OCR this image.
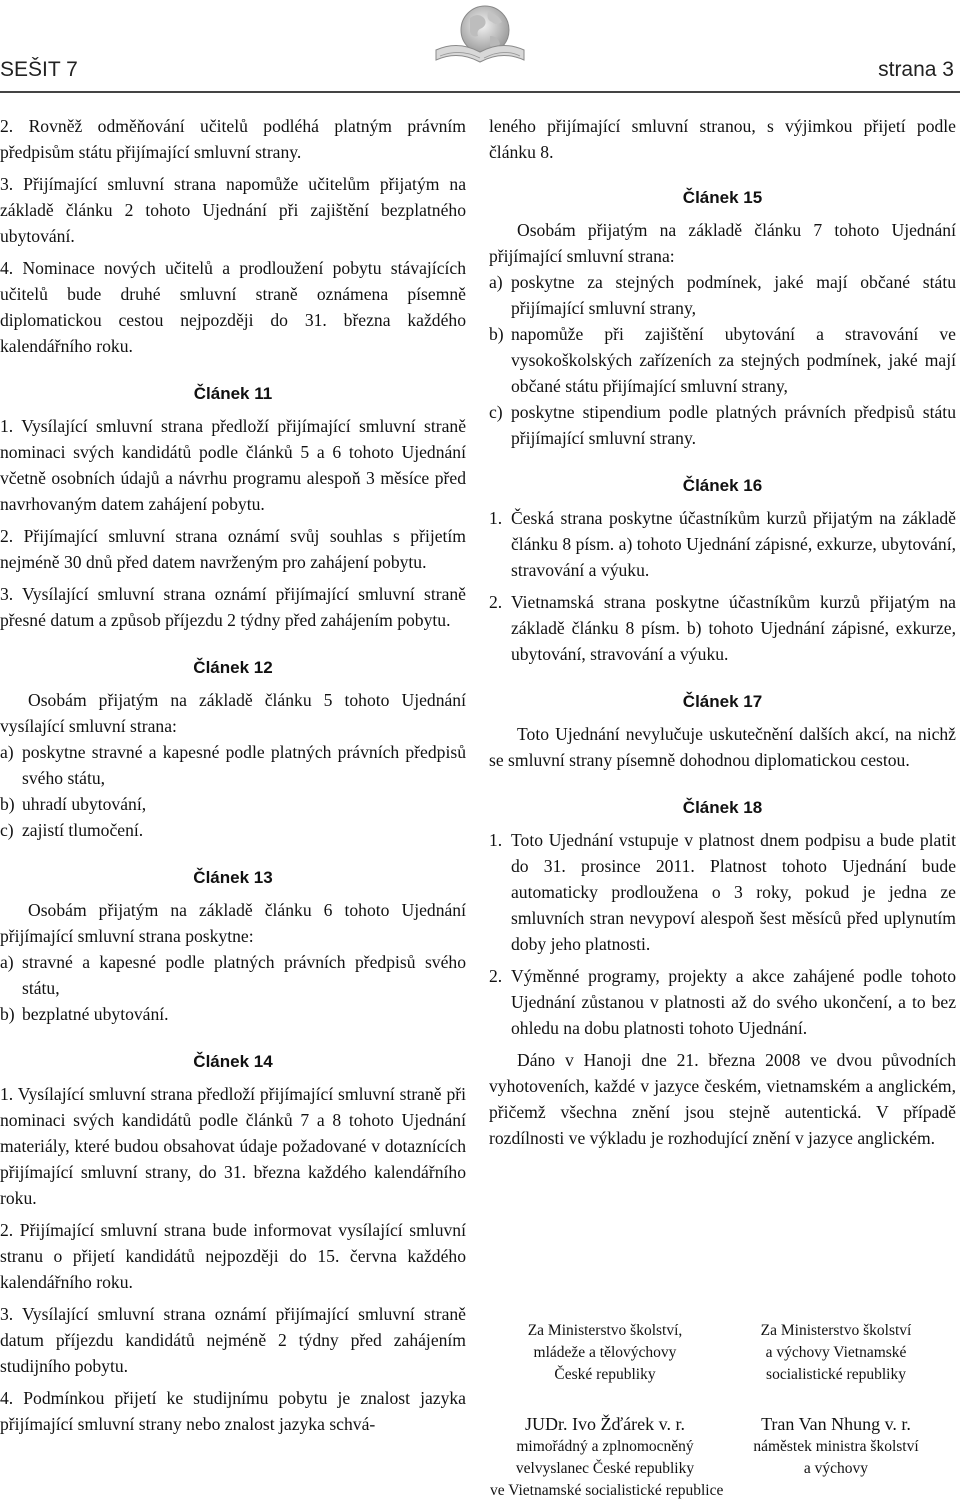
SEŠIT 7	strana 3

2. Rovněž odměňování učitelů podléhá platným právním předpisům státu přijímající smluvní strany.

3. Přijímající smluvní strana napomůže učitelům přijatým na základě článku 2 tohoto Ujednání při zajištění bezplatného ubytování.

4. Nominace nových učitelů a prodloužení pobytu stávajících učitelů bude druhé smluvní straně oznámena písemně diplomatickou cestou nejpozději do 31. března každého kalendářního roku.

Článek 11

1. Vysílající smluvní strana předloží přijímající smluvní straně nominaci svých kandidátů podle článků 5 a 6 tohoto Ujednání včetně osobních údajů a návrhu programu alespoň 3 měsíce před navrhovaným datem zahájení pobytu.

2. Přijímající smluvní strana oznámí svůj souhlas s přijetím nejméně 30 dnů před datem navrženým pro zahájení pobytu.

3. Vysílající smluvní strana oznámí přijímající smluvní straně přesné datum a způsob příjezdu 2 týdny před zahájením pobytu.

Článek 12

Osobám přijatým na základě článku 5 tohoto Ujednání vysílající smluvní strana:

a) poskytne stravné a kapesné podle platných právních předpisů svého státu,
b) uhradí ubytování,
c) zajistí tlumočení.
Článek 13

Osobám přijatým na základě článku 6 tohoto Ujednání přijímající smluvní strana poskytne:

a) stravné a kapesné podle platných právních předpisů svého státu,
b) bezplatné ubytování.
Článek 14

1. Vysílající smluvní strana předloží přijímající smluvní straně při nominaci svých kandidátů podle článků 7 a 8 tohoto Ujednání materiály, které budou obsahovat údaje požadované v dotaznících přijímající smluvní strany, do 31. března každého kalendářního roku.

2. Přijímající smluvní strana bude informovat vysílající smluvní stranu o přijetí kandidátů nejpozději do 15. června každého kalendářního roku.

3. Vysílající smluvní strana oznámí přijímající smluvní straně datum příjezdu kandidátů nejméně 2 týdny před zahájením studijního pobytu.

4. Podmínkou přijetí ke studijnímu pobytu je znalost jazyka přijímající smluvní strany nebo znalost jazyka schvá-

leného přijímající smluvní stranou, s výjimkou přijetí podle článku 8.

Článek 15

Osobám přijatým na základě článku 7 tohoto Ujednání přijímající smluvní strana:

a) poskytne za stejných podmínek, jaké mají občané státu přijímající smluvní strany,
b) napomůže při zajištění ubytování a stravování ve vysokoškolských zařízeních za stejných podmínek, jaké mají občané státu přijímající smluvní strany,
c) poskytne stipendium podle platných právních předpisů státu přijímající smluvní strany.
Článek 16
1. Česká strana poskytne účastníkům kurzů přijatým na základě článku 8 písm. a) tohoto Ujednání zápisné, exkurze, ubytování, stravování a výuku.
2. Vietnamská strana poskytne účastníkům kurzů přijatým na základě článku 8 písm. b) tohoto Ujednání zápisné, exkurze, ubytování, stravování a výuku.
Článek 17

Toto Ujednání nevylučuje uskutečnění dalších akcí, na nichž se smluvní strany písemně dohodnou diplomatickou cestou.

Článek 18
1. Toto Ujednání vstupuje v platnost dnem podpisu a bude platit do 31. prosince 2011. Platnost tohoto Ujednání bude automaticky prodloužena o 3 roky, pokud je jedna ze smluvních stran nevypoví alespoň šest měsíců před uplynutím doby jeho platnosti.
2. Výměnné programy, projekty a akce zahájené podle tohoto Ujednání zůstanou v platnosti až do svého ukončení, a to bez ohledu na dobu platnosti tohoto Ujednání.

Dáno v Hanoji dne 21. března 2008 ve dvou původních vyhotoveních, každé v jazyce českém, vietnamském a anglickém, přičemž všechna znění jsou stejně autentická. V případě rozdílnosti ve výkladu je rozhodující znění v jazyce anglickém.

Za Ministerstvo školství,
mládeže a tělovýchovy
České republiky
JUDr. Ivo Žďárek v. r.
mimořádný a zplnomocněný
velvyslanec České republiky
ve Vietnamské socialistické republice
Za Ministerstvo školství
a výchovy Vietnamské
socialistické republiky
Tran Van Nhung v. r.
náměstek ministra školství
a výchovy
